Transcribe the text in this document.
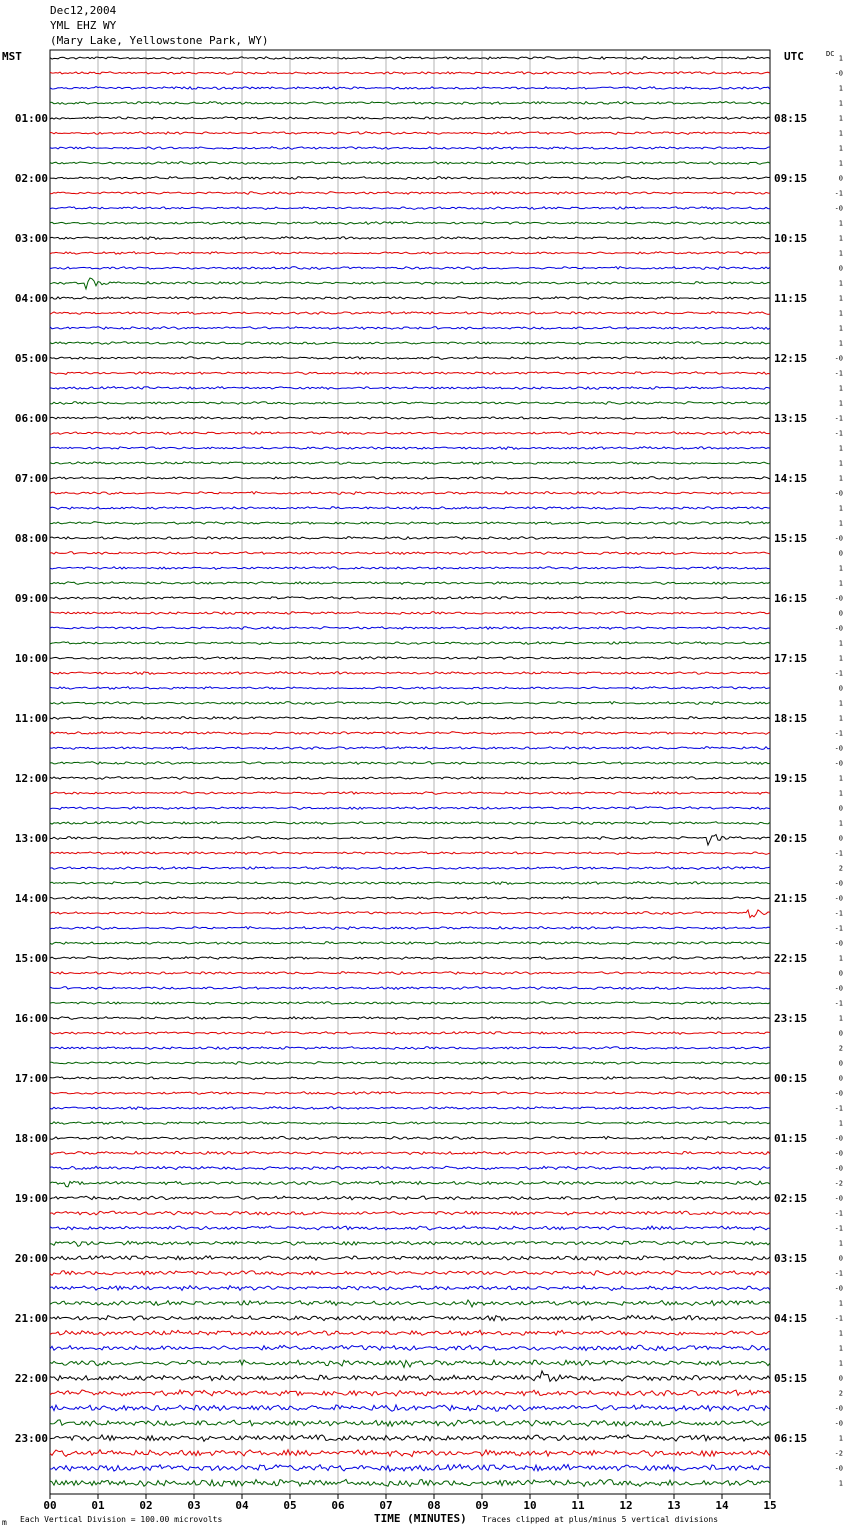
Dec12,2004
YML EHZ WY
(Mary Lake, Yellowstone Park, WY)
MST	UTC	DC
1
-0
1
1
1
1
1
1
0
-1
-0
1
1
1
0
1
1
1
1
1
-0
-1
1
1
-1
-1
1
1
1
-0
1
1
-0
0
1
1
-0
0
-0
1
1
-1
0
1
1
-1
-0
-0
1
1
0
1
0
-1
2
-0
-0
-1
-1
-0
1
0
-0
-1
1
0
2
0
0
-0
-1
1
-0
-0
-0
-2
-0
-1
-1
1
0
-1
-0
1
-1
1
1
1
0
2
-0
-0
1
-2
-0
1
01:00
02:00
03:00
04:00
05:00
06:00
07:00
08:00
09:00
10:00
11:00
12:00
13:00
14:00
15:00
16:00
17:00
18:00
19:00
20:00
21:00
22:00
23:00
08:15
09:15
10:15
11:15
12:15
13:15
14:15
15:15
16:15
17:15
18:15
19:15
20:15
21:15
22:15
23:15
00:15
01:15
02:15
03:15
04:15
05:15
06:15
00	01	02	03	04	05	06	07	08	09	10	11	12	13	14	15
m Each Vertical Division = 100.00 microvolts	TIME (MINUTES) Traces clipped at plus/minus 5 vertical divisions
